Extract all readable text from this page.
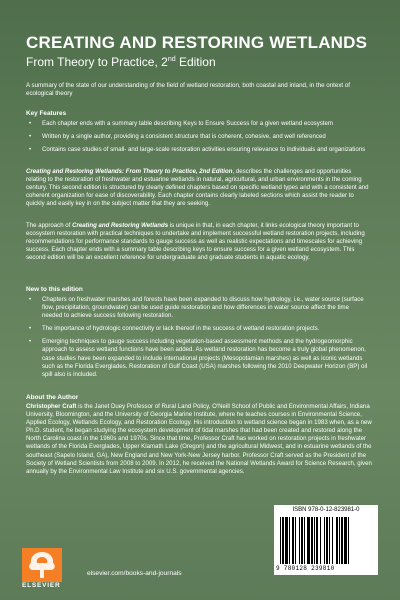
CREATING AND RESTORING WETLANDS

From Theory to Practice, 2nd Edition

A summary of the state of our understanding of the field of wetland restoration, both coastal and inland, in the ontext of ecological theory

Key Features

• Each chapter ends with a summary table describing Keys to Ensure Success for a given wetland ecosystem
• Written by a single author, providing a consistent structure that is coherent, cohesive, and well referenced
• Contains case studies of small- and large-scale restoration activities ensuring relevance to individuals and organizations

Creating and Restoring Wetlands: From Theory to Practice, 2nd Edition, describes the challenges and opportunities relating to the restoration of freshwater and estuarine wetlands in natural, agricultural, and urban environments in the coming century. This second edition is structured by clearly defined chapters based on specific wetland types and with a consistent and coherent organization for ease of discoverability. Each chapter contains clearly labeled sections which assist the reader to quickly and easily key in on the subject matter that they are seeking.

The approach of Creating and Restoring Wetlands is unique in that, in each chapter, it links ecological theory important to ecosystem restoration with practical techniques to undertake and implement successful wetland restoration projects, including recommendations for performance standards to gauge success as well as realistic expectations and timescales for achieving success. Each chapter ends with a summary table describing keys to ensure success for a given wetland ecosystem. This second edition will be an excellent reference for undergraduate and graduate students in aquatic ecology.

New to this edition

• Chapters on freshwater marshes and forests have been expanded to discuss how hydrology, i.e., water source (surface flow, precipitation, groundwater) can be used guide restoration and how differences in water source affect the time needed to achieve success following restoration.
• The importance of hydrologic connectivity or lack thereof in the success of wetland restoration projects.
• Emerging techniques to gauge success including vegetation-based assessment methods and the hydrogeomorphic approach to assess wetland functions have been added. As wetland restoration has become a truly global phenomenon, case studies have been expanded to include international projects (Mesopotamian marshes) as well as iconic wetlands such as the Florida Everglades. Restoration of Gulf Coast (USA) marshes following the 2010 Deepwater Horizon (BP) oil spill also is included.

About the Author

Christopher Craft is the Janet Duey Professor of Rural Land Policy, O'Neill School of Public and Environmental Affairs, Indiana University, Bloomington, and the University of Georgia Marine Institute, where he teaches courses in Environmental Science, Applied Ecology, Wetlands Ecology, and Restoration Ecology. His introduction to wetland science began in 1983 when, as a new Ph.D. student, he began studying the ecosystem development of tidal marshes that had been created and restored along the North Carolina coast in the 1960s and 1970s. Since that time, Professor Craft has worked on restoration projects in freshwater wetlands of the Florida Everglades, Upper Klamath Lake (Oregon) and the agricultural Midwest, and in estuarine wetlands of the southeast (Sapelo Island, GA), New England and New York-New Jersey harbor. Professor Craft served as the President of the Society of Wetland Scientists from 2008 to 2009. In 2012, he received the National Wetlands Award for Science Research, given annually by the Environmental Law Institute and six U.S. governmental agencies.

ELSEVIER
elsevier.com/books-and-journals
ISBN 978-0-12-823981-0
9 780128 239810
